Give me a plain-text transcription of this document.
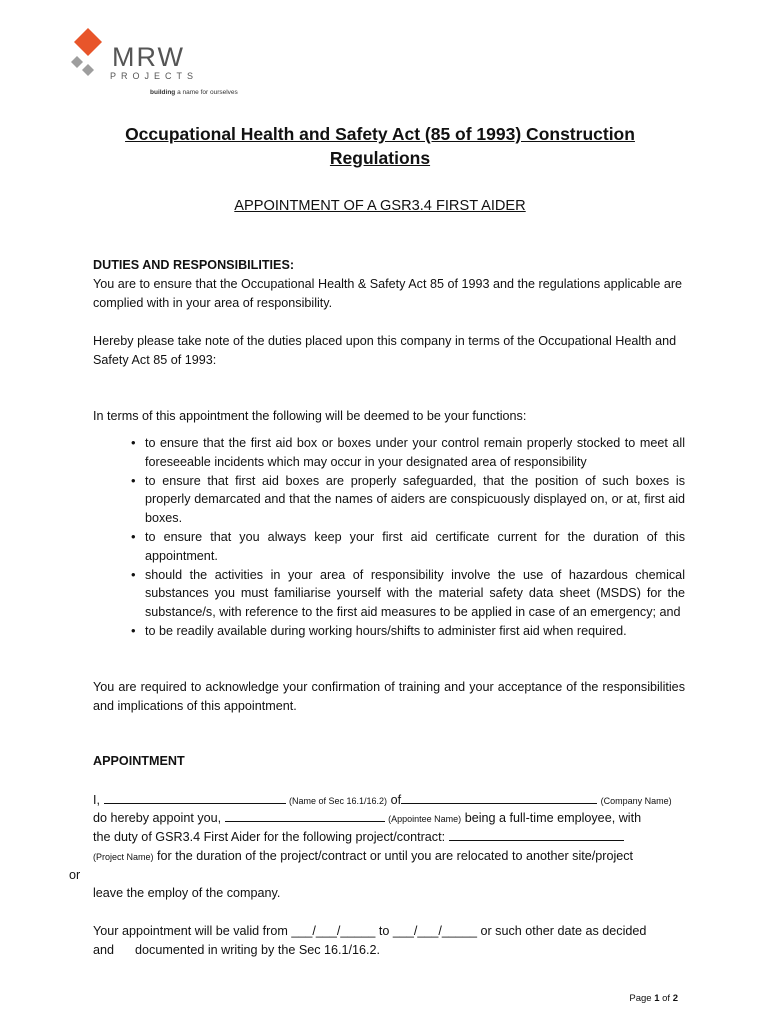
MRW
PROJECTS
building a name for ourselves
Occupational Health and Safety Act (85 of 1993) Construction
Regulations
APPOINTMENT OF A GSR3.4 FIRST AIDER
DUTIES AND RESPONSIBILITIES:
You are to ensure that the Occupational Health & Safety Act 85 of 1993 and the regulations applicable are complied with in your area of responsibility.
Hereby please take note of the duties placed upon this company in terms of the Occupational Health and Safety Act 85 of 1993:
In terms of this appointment the following will be deemed to be your functions:
• to ensure that the first aid box or boxes under your control remain properly stocked to meet all foreseeable incidents which may occur in your designated area of responsibility
• to ensure that first aid boxes are properly safeguarded, that the position of such boxes is properly demarcated and that the names of aiders are conspicuously displayed on, or at, first aid boxes.
• to ensure that you always keep your first aid certificate current for the duration of this appointment.
• should the activities in your area of responsibility involve the use of hazardous chemical substances you must familiarise yourself with the material safety data sheet (MSDS) for the substance/s, with reference to the first aid measures to be applied in case of an emergency; and
• to be readily available during working hours/shifts to administer first aid when required.
You are required to acknowledge your confirmation of training and your acceptance of the responsibilities and implications of this appointment.
APPOINTMENT
I,	(Name of Sec 16.1/16.2) of	(Company Name)
do hereby appoint you,	(Appointee Name) being a full-time employee, with
the duty of GSR3.4 First Aider for the following project/contract:
(Project Name) for the duration of the project/contract or until you are relocated to another site/project
or
leave the employ of the company.
Your appointment will be valid from ___/___/_____ to ___/___/_____ or such other date as decided
and documented in writing by the Sec 16.1/16.2.
Page 1 of 2
